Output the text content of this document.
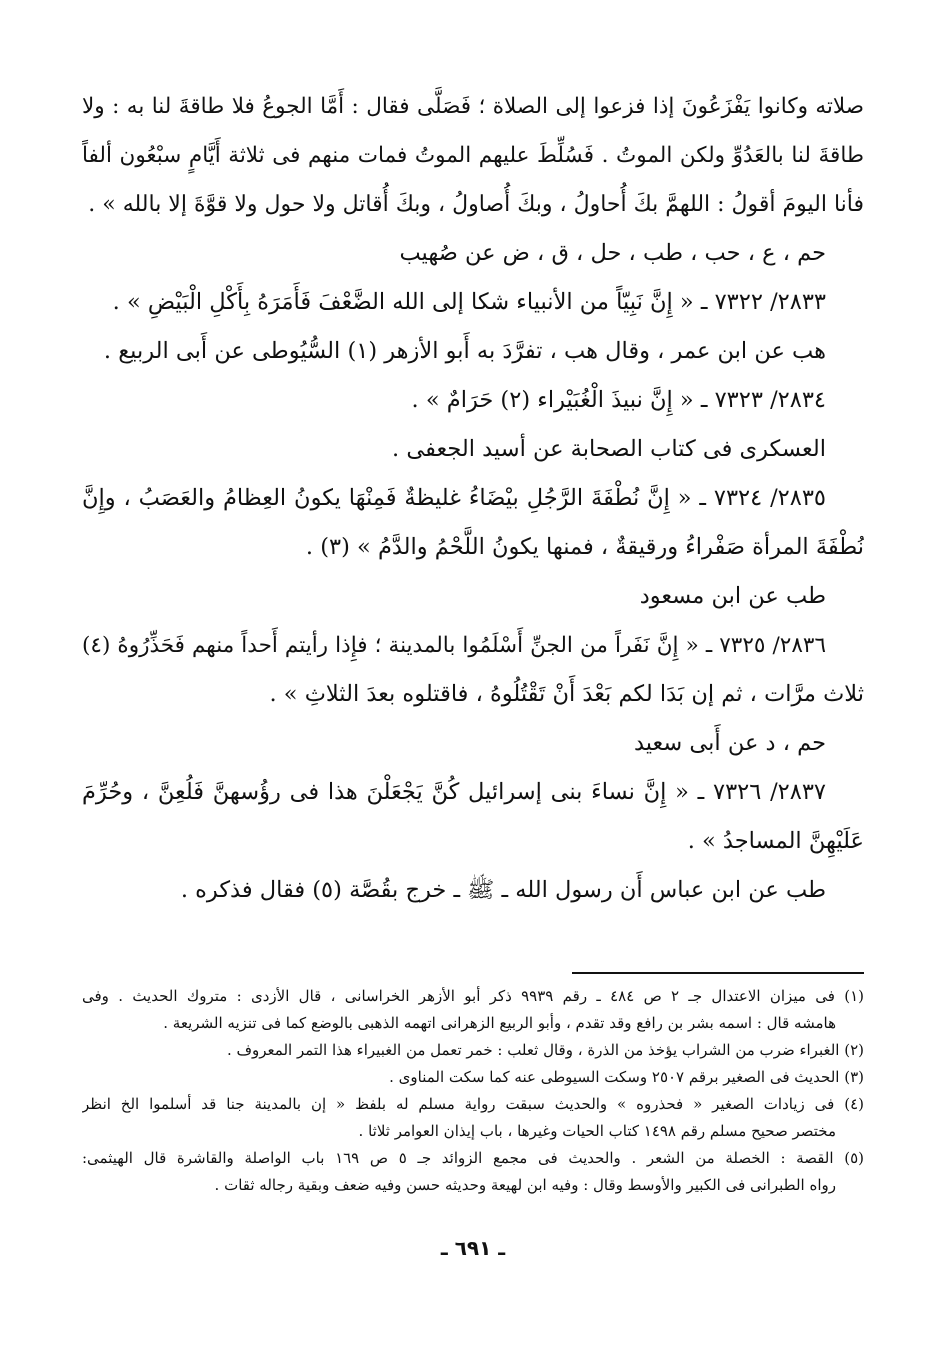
صلاته وكانوا يَفْزَعُونَ إذا فزعوا إلى الصلاة ؛ فَصَلَّى فقال : أَمَّا الجوعُ فلا طاقةَ لنا به : ولا
طاقةَ لنا بالعَدُوِّ ولكن الموتُ . فَسُلِّطَ عليهم الموتُ فمات منهم فى ثلاثة أَيَّامٍ سبْعُون ألفاً
فأنا اليومَ أقولُ : اللهمَّ بكَ أُحاولُ ، وبكَ أُصاولُ ، وبكَ أُقاتل ولا حول ولا قوَّةَ إلا بالله » .
حم ، ع ، حب ، طب ، حل ، ق ، ض عن صُهيب
٢٨٣٣/ ٧٣٢٢ ـ « إِنَّ نَبِيّاً من الأنبياء شكا إلى الله الضَّعْفَ فَأَمَرَهُ بِأَكْلِ الْبَيْضِ » .
هب عن ابن عمر ، وقال هب ، تفرَّدَ به أَبو الأزهر (١) السُّيُوطى عن أَبى الربيع .
٢٨٣٤/ ٧٣٢٣ ـ « إِنَّ نبيذَ الْغُبَيْراء (٢) حَرَامٌ » .
العسكرى فى كتاب الصحابة عن أسيد الجعفى .
٢٨٣٥/ ٧٣٢٤ ـ « إِنَّ نُطْفَةَ الرَّجُلِ بيْضَاءُ غليظةٌ فَمِنْهَا يكونُ العِظامُ والعَصَبُ ، وإِنَّ
نُطْفَةَ المرأة صَفْراءُ ورقيقةٌ ، فمنها يكونُ اللَّحْمُ والدَّمُ » (٣) .
طب عن ابن مسعود
٢٨٣٦/ ٧٣٢٥ ـ « إِنَّ نَفَراً من الجنِّ أَسْلَمُوا بالمدينة ؛ فإِذا رأيتم أَحداً منهم فَحَذِّرُوهُ (٤)
ثلاث مرَّات ، ثم إن بَدَا لكم بَعْدَ أَنْ تَقْتُلُوهُ ، فاقتلوه بعدَ الثلاثِ » .
حم ، د عن أَبى سعيد
٢٨٣٧/ ٧٣٢٦ ـ « إِنَّ نساءَ بنى إسرائيل كُنَّ يَجْعَلْنَ هذا فى رؤُسهنَّ فَلُعِنَّ ، وحُرِّمَ
عَلَيْهِنَّ المساجدُ » .
طب عن ابن عباس أَن رسول الله ـ ﷺ ـ خرج بقُصَّة (٥) فقال فذكره .
(١) فى ميزان الاعتدال جـ ٢ ص ٤٨٤ ـ رقم ٩٩٣٩ ذكر أبو الأزهر الخراسانى ، قال الأزدى : متروك الحديث . وفى
هامشه قال : اسمه بشر بن رافع وقد تقدم ، وأبو الربيع الزهرانى اتهمه الذهبى بالوضع كما فى تنزيه الشريعة .
(٢) الغبراء ضرب من الشراب يؤخذ من الذرة ، وقال ثعلب : خمر تعمل من الغبيراء هذا التمر المعروف .
(٣) الحديث فى الصغير برقم ٢٥٠٧ وسكت السيوطى عنه كما سكت المناوى .
(٤) فى زيادات الصغير « فحذروه » والحديث سبقت رواية مسلم له بلفظ « إن بالمدينة جنا قد أسلموا الخ انظر
مختصر صحيح مسلم رقم ١٤٩٨ كتاب الحيات وغيرها ، باب إيذان العوامر ثلاثا .
(٥) القصة : الخصلة من الشعر . والحديث فى مجمع الزوائد جـ ٥ ص ١٦٩ باب الواصلة والقاشرة قال الهيثمى:
رواه الطبرانى فى الكبير والأوسط وقال : وفيه ابن لهيعة وحديثه حسن وفيه ضعف وبقية رجاله ثقات .
ـ ٦٩١ ـ
